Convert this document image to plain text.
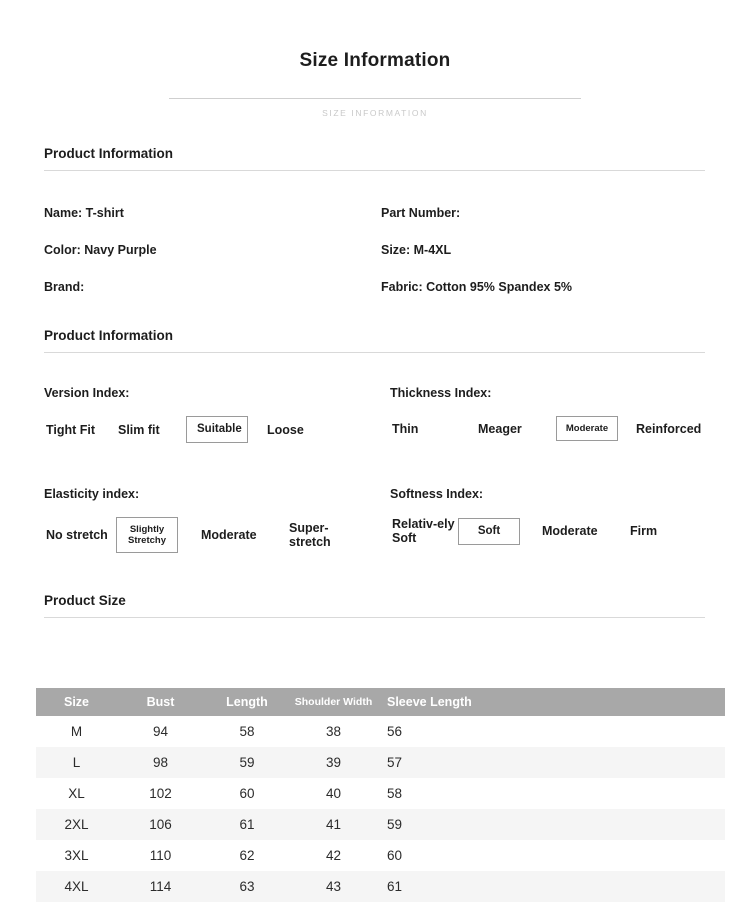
Size Information
SIZE INFORMATION
Product Information
Name: T-shirt	Part Number:
Color: Navy Purple	Size: M-4XL
Brand:	Fabric: Cotton 95% Spandex 5%
Product Information
Version Index:
Tight Fit	Slim fit	Suitable	Loose
Thickness Index:
Thin	Meager	Moderate	Reinforced
Elasticity index:
No stretch	Slightly Stretchy	Moderate	Super-stretch
Softness Index:
Relativ-ely Soft
Soft	Moderate	Firm
Product Size
Size	Bust	Length	Shoulder Width	Sleeve Length
M	94	58	38	56
L	98	59	39	57
XL	102	60	40	58
2XL	106	61	41	59
3XL	110	62	42	60
4XL	114	63	43	61
